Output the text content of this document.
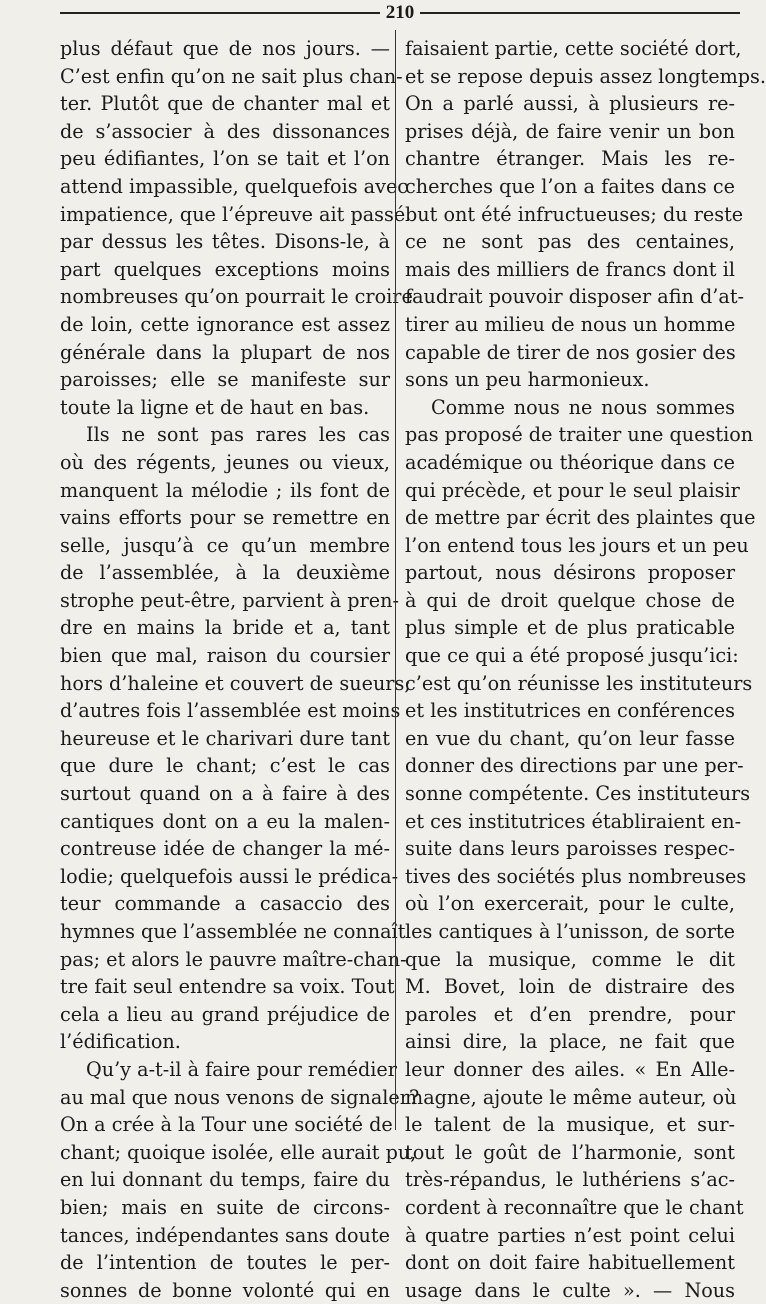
210
plus défaut que de nos jours. —
C’est enfin qu’on ne sait plus chan-
ter. Plutôt que de chanter mal et
de s’associer à des dissonances
peu édifiantes, l’on se tait et l’on
attend impassible, quelquefois avec
impatience, que l’épreuve ait passé
par dessus les têtes. Disons-le, à
part quelques exceptions moins
nombreuses qu’on pourrait le croire
de loin, cette ignorance est assez
générale dans la plupart de nos
paroisses; elle se manifeste sur
toute la ligne et de haut en bas.
Ils ne sont pas rares les cas
où des régents, jeunes ou vieux,
manquent la mélodie ; ils font de
vains efforts pour se remettre en
selle, jusqu’à ce qu’un membre
de l’assemblée, à la deuxième
strophe peut-être, parvient à pren-
dre en mains la bride et a, tant
bien que mal, raison du coursier
hors d’haleine et couvert de sueurs;
d’autres fois l’assemblée est moins
heureuse et le charivari dure tant
que dure le chant; c’est le cas
surtout quand on a à faire à des
cantiques dont on a eu la malen-
contreuse idée de changer la mé-
lodie; quelquefois aussi le prédica-
teur commande a casaccio des
hymnes que l’assemblée ne connaît
pas; et alors le pauvre maître-chan-
tre fait seul entendre sa voix. Tout
cela a lieu au grand préjudice de
l’édification.
Qu’y a-t-il à faire pour remédier
au mal que nous venons de signaler?
On a crée à la Tour une société de
chant; quoique isolée, elle aurait pu,
en lui donnant du temps, faire du
bien; mais en suite de circons-
tances, indépendantes sans doute
de l’intention de toutes le per-
sonnes de bonne volonté qui en
faisaient partie, cette société dort,
et se repose depuis assez longtemps.
On a parlé aussi, à plusieurs re-
prises déjà, de faire venir un bon
chantre étranger. Mais les re-
cherches que l’on a faites dans ce
but ont été infructueuses; du reste
ce ne sont pas des centaines,
mais des milliers de francs dont il
faudrait pouvoir disposer afin d’at-
tirer au milieu de nous un homme
capable de tirer de nos gosier des
sons un peu harmonieux.
Comme nous ne nous sommes
pas proposé de traiter une question
académique ou théorique dans ce
qui précède, et pour le seul plaisir
de mettre par écrit des plaintes que
l’on entend tous les jours et un peu
partout, nous désirons proposer
à qui de droit quelque chose de
plus simple et de plus praticable
que ce qui a été proposé jusqu’ici:
c’est qu’on réunisse les instituteurs
et les institutrices en conférences
en vue du chant, qu’on leur fasse
donner des directions par une per-
sonne compétente. Ces instituteurs
et ces institutrices établiraient en-
suite dans leurs paroisses respec-
tives des sociétés plus nombreuses
où l’on exercerait, pour le culte,
les cantiques à l’unisson, de sorte
que la musique, comme le dit
M. Bovet, loin de distraire des
paroles et d’en prendre, pour
ainsi dire, la place, ne fait que
leur donner des ailes. « En Alle-
magne, ajoute le même auteur, où
le talent de la musique, et sur-
tout le goût de l’harmonie, sont
très-répandus, le luthériens s’ac-
cordent à reconnaître que le chant
à quatre parties n’est point celui
dont on doit faire habituellement
usage dans le culte ». — Nous
